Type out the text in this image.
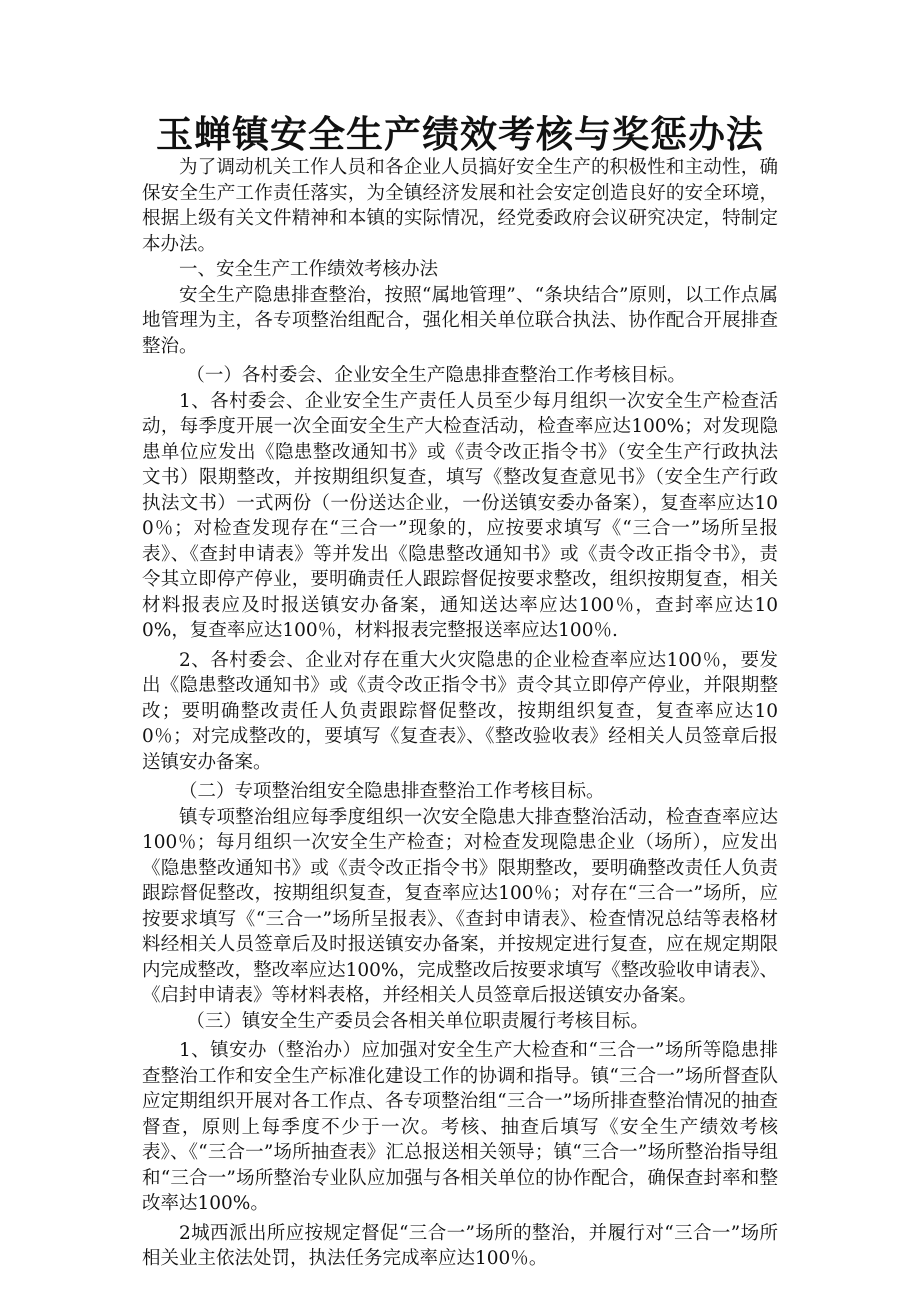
玉蝉镇安全生产绩效考核与奖惩办法

为了调动机关工作人员和各企业人员搞好安全生产的积极性和主动性，确保安全生产工作责任落实，为全镇经济发展和社会安定创造良好的安全环境，根据上级有关文件精神和本镇的实际情况，经党委政府会议研究决定，特制定本办法。

一、安全生产工作绩效考核办法

安全生产隐患排查整治，按照“属地管理”、“条块结合”原则，以工作点属地管理为主，各专项整治组配合，强化相关单位联合执法、协作配合开展排查整治。

（一）各村委会、企业安全生产隐患排查整治工作考核目标。

1、各村委会、企业安全生产责任人员至少每月组织一次安全生产检查活动，每季度开展一次全面安全生产大检查活动，检查率应达100%；对发现隐患单位应发出《隐患整改通知书》或《责令改正指令书》（安全生产行政执法文书）限期整改，并按期组织复查，填写《整改复查意见书》（安全生产行政执法文书）一式两份（一份送达企业，一份送镇安委办备案），复查率应达100％；对检查发现存在“三合一”现象的，应按要求填写《“三合一”场所呈报表》、《查封申请表》等并发出《隐患整改通知书》或《责令改正指令书》，责令其立即停产停业，要明确责任人跟踪督促按要求整改，组织按期复查，相关材料报表应及时报送镇安办备案，通知送达率应达100％，查封率应达100%，复查率应达100％，材料报表完整报送率应达100％.

2、各村委会、企业对存在重大火灾隐患的企业检查率应达100％，要发出《隐患整改通知书》或《责令改正指令书》责令其立即停产停业，并限期整改；要明确整改责任人负责跟踪督促整改，按期组织复查，复查率应达100％；对完成整改的，要填写《复查表》、《整改验收表》经相关人员签章后报送镇安办备案。

（二）专项整治组安全隐患排查整治工作考核目标。

镇专项整治组应每季度组织一次安全隐患大排查整治活动，检查查率应达100％；每月组织一次安全生产检查；对检查发现隐患企业（场所），应发出《隐患整改通知书》或《责令改正指令书》限期整改，要明确整改责任人负责跟踪督促整改，按期组织复查，复查率应达100％；对存在“三合一”场所，应按要求填写《“三合一”场所呈报表》、《查封申请表》、检查情况总结等表格材料经相关人员签章后及时报送镇安办备案，并按规定进行复查，应在规定期限内完成整改，整改率应达100%，完成整改后按要求填写《整改验收申请表》、《启封申请表》等材料表格，并经相关人员签章后报送镇安办备案。

（三）镇安全生产委员会各相关单位职责履行考核目标。

1、镇安办（整治办）应加强对安全生产大检查和“三合一”场所等隐患排查整治工作和安全生产标准化建设工作的协调和指导。镇“三合一”场所督查队应定期组织开展对各工作点、各专项整治组“三合一”场所排查整治情况的抽查督查，原则上每季度不少于一次。考核、抽查后填写《安全生产绩效考核表》、《“三合一”场所抽查表》汇总报送相关领导；镇“三合一”场所整治指导组和“三合一”场所整治专业队应加强与各相关单位的协作配合，确保查封率和整改率达100%。

2城西派出所应按规定督促“三合一”场所的整治，并履行对“三合一”场所相关业主依法处罚，执法任务完成率应达100％。
